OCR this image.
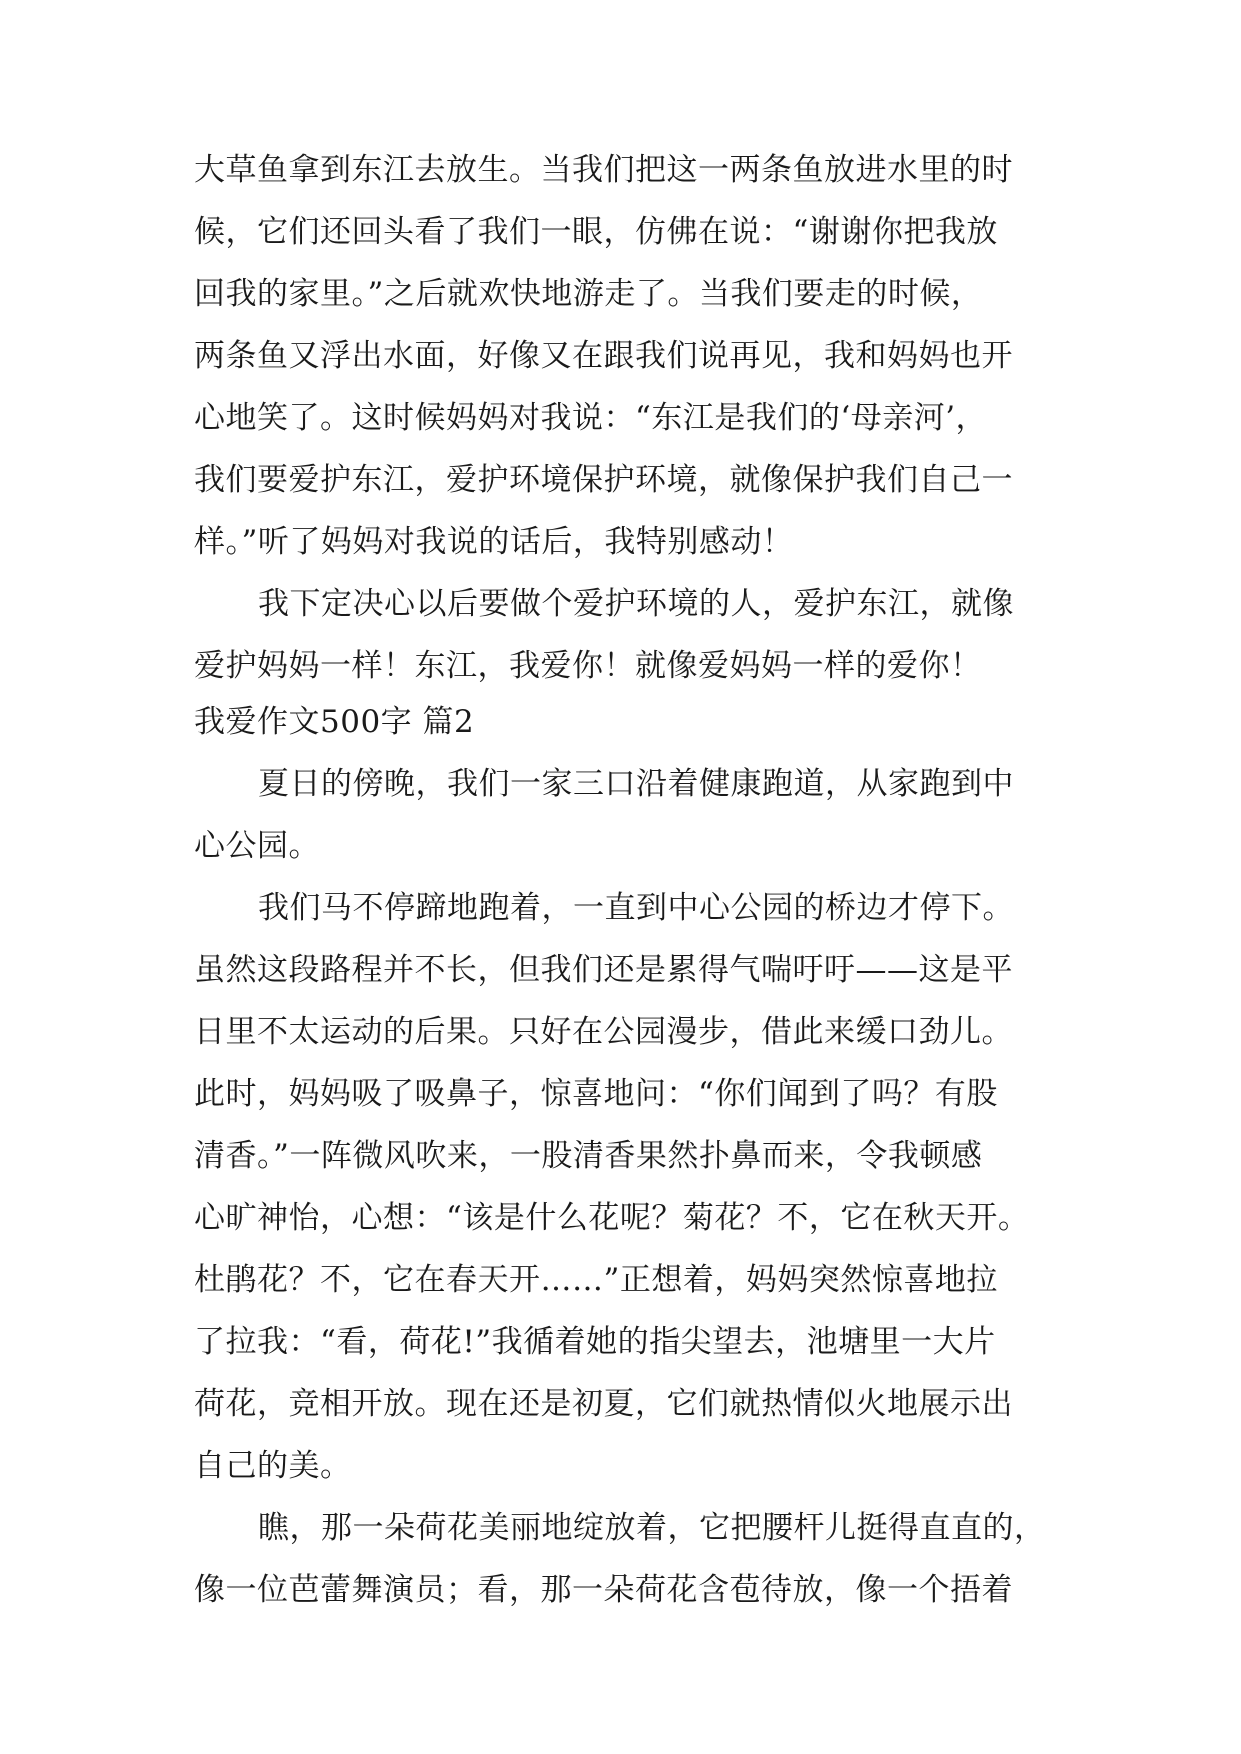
大草鱼拿到东江去放生。当我们把这一两条鱼放进水里的时
候，它们还回头看了我们一眼，仿佛在说：“谢谢你把我放
回我的家里。”之后就欢快地游走了。当我们要走的时候，
两条鱼又浮出水面，好像又在跟我们说再见，我和妈妈也开
心地笑了。这时候妈妈对我说：“东江是我们的‘母亲河’，
我们要爱护东江，爱护环境保护环境，就像保护我们自己一
样。”听了妈妈对我说的话后，我特别感动！
我下定决心以后要做个爱护环境的人，爱护东江，就像
爱护妈妈一样！东江，我爱你！就像爱妈妈一样的爱你！
我爱作文500字 篇2
夏日的傍晚，我们一家三口沿着健康跑道，从家跑到中
心公园。
我们马不停蹄地跑着，一直到中心公园的桥边才停下。
虽然这段路程并不长，但我们还是累得气喘吁吁——这是平
日里不太运动的后果。只好在公园漫步，借此来缓口劲儿。
此时，妈妈吸了吸鼻子，惊喜地问：“你们闻到了吗？有股
清香。”一阵微风吹来，一股清香果然扑鼻而来，令我顿感
心旷神怡，心想：“该是什么花呢？菊花？不，它在秋天开。
杜鹃花？不，它在春天开……”正想着，妈妈突然惊喜地拉
了拉我：“看，荷花!”我循着她的指尖望去，池塘里一大片
荷花，竞相开放。现在还是初夏，它们就热情似火地展示出
自己的美。
瞧，那一朵荷花美丽地绽放着，它把腰杆儿挺得直直的，
像一位芭蕾舞演员；看，那一朵荷花含苞待放，像一个捂着
